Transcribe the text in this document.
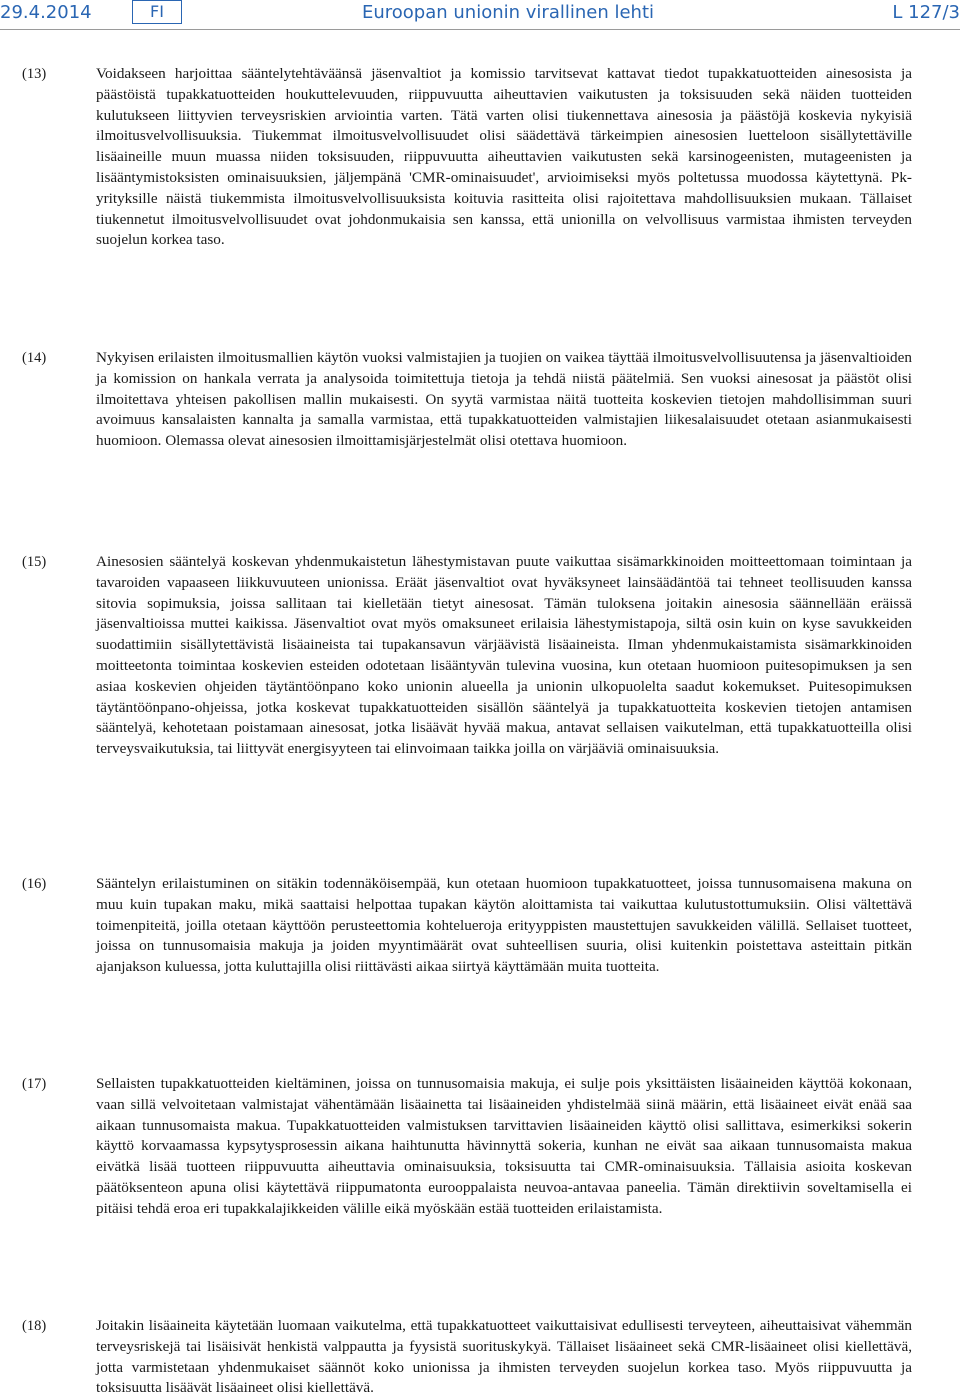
29.4.2014	FI	Euroopan unionin virallinen lehti	L 127/3
(13)	Voidakseen harjoittaa sääntelytehtäväänsä jäsenvaltiot ja komissio tarvitsevat kattavat tiedot tupakkatuotteiden ainesosista ja päästöistä tupakkatuotteiden houkuttelevuuden, riippuvuutta aiheuttavien vaikutusten ja toksisuuden sekä näiden tuotteiden kulutukseen liittyvien terveysriskien arviointia varten. Tätä varten olisi tiukennettava ainesosia ja päästöjä koskevia nykyisiä ilmoitusvelvollisuuksia. Tiukemmat ilmoitusvelvollisuudet olisi säädettävä tärkeimpien ainesosien luetteloon sisällytettäville lisäaineille muun muassa niiden toksisuuden, riippuvuutta aiheuttavien vaikutusten sekä karsinogeenisten, mutageenisten ja lisääntymistoksisten ominaisuuksien, jäljempänä 'CMR-ominaisuudet', arvioimiseksi myös poltetussa muodossa käytettynä. Pk-yrityksille näistä tiukemmista ilmoitusvelvollisuuksista koituvia rasitteita olisi rajoitettava mahdollisuuksien mukaan. Tällaiset tiukennetut ilmoitusvelvollisuudet ovat johdonmukaisia sen kanssa, että unionilla on velvollisuus varmistaa ihmisten terveyden suojelun korkea taso.
(14)	Nykyisen erilaisten ilmoitusmallien käytön vuoksi valmistajien ja tuojien on vaikea täyttää ilmoitusvelvollisuutensa ja jäsenvaltioiden ja komission on hankala verrata ja analysoida toimitettuja tietoja ja tehdä niistä päätelmiä. Sen vuoksi ainesosat ja päästöt olisi ilmoitettava yhteisen pakollisen mallin mukaisesti. On syytä varmistaa näitä tuotteita koskevien tietojen mahdollisimman suuri avoimuus kansalaisten kannalta ja samalla varmistaa, että tupakkatuotteiden valmistajien liikesalaisuudet otetaan asianmukaisesti huomioon. Olemassa olevat ainesosien ilmoittamisjärjestelmät olisi otettava huomioon.
(15)	Ainesosien sääntelyä koskevan yhdenmukaistetun lähestymistavan puute vaikuttaa sisämarkkinoiden moitteettomaan toimintaan ja tavaroiden vapaaseen liikkuvuuteen unionissa. Eräät jäsenvaltiot ovat hyväksyneet lainsäädäntöä tai tehneet teollisuuden kanssa sitovia sopimuksia, joissa sallitaan tai kielletään tietyt ainesosat. Tämän tuloksena joitakin ainesosia säännellään eräissä jäsenvaltioissa muttei kaikissa. Jäsenvaltiot ovat myös omaksuneet erilaisia lähestymistapoja, siltä osin kuin on kyse savukkeiden suodattimiin sisällytettävistä lisäaineista tai tupakansavun värjäävistä lisäaineista. Ilman yhdenmukaistamista sisämarkkinoiden moitteetonta toimintaa koskevien esteiden odotetaan lisääntyvän tulevina vuosina, kun otetaan huomioon puitesopimuksen ja sen asiaa koskevien ohjeiden täytäntöönpano koko unionin alueella ja unionin ulkopuolelta saadut kokemukset. Puitesopimuksen täytäntöönpano-ohjeissa, jotka koskevat tupakkatuotteiden sisällön sääntelyä ja tupakkatuotteita koskevien tietojen antamisen sääntelyä, kehotetaan poistamaan ainesosat, jotka lisäävät hyvää makua, antavat sellaisen vaikutelman, että tupakkatuotteilla olisi terveysvaikutuksia, tai liittyvät energisyyteen tai elinvoimaan taikka joilla on värjääviä ominaisuuksia.
(16)	Sääntelyn erilaistuminen on sitäkin todennäköisempää, kun otetaan huomioon tupakkatuotteet, joissa tunnusomaisena makuna on muu kuin tupakan maku, mikä saattaisi helpottaa tupakan käytön aloittamista tai vaikuttaa kulutustottumuksiin. Olisi vältettävä toimenpiteitä, joilla otetaan käyttöön perusteettomia kohtelueroja erityyppisten maustettujen savukkeiden välillä. Sellaiset tuotteet, joissa on tunnusomaisia makuja ja joiden myyntimäärät ovat suhteellisen suuria, olisi kuitenkin poistettava asteittain pitkän ajanjakson kuluessa, jotta kuluttajilla olisi riittävästi aikaa siirtyä käyttämään muita tuotteita.
(17)	Sellaisten tupakkatuotteiden kieltäminen, joissa on tunnusomaisia makuja, ei sulje pois yksittäisten lisäaineiden käyttöä kokonaan, vaan sillä velvoitetaan valmistajat vähentämään lisäainetta tai lisäaineiden yhdistelmää siinä määrin, että lisäaineet eivät enää saa aikaan tunnusomaista makua. Tupakkatuotteiden valmistuksen tarvittavien lisäaineiden käyttö olisi sallittava, esimerkiksi sokerin käyttö korvaamassa kypsytysprosessin aikana haihtunutta hävinnyttä sokeria, kunhan ne eivät saa aikaan tunnusomaista makua eivätkä lisää tuotteen riippuvuutta aiheuttavia ominaisuuksia, toksisuutta tai CMR-ominaisuuksia. Tällaisia asioita koskevan päätöksenteon apuna olisi käytettävä riippumatonta eurooppalaista neuvoa-antavaa paneelia. Tämän direktiivin soveltamisella ei pitäisi tehdä eroa eri tupakkalajikkeiden välille eikä myöskään estää tuotteiden erilaistamista.
(18)	Joitakin lisäaineita käytetään luomaan vaikutelma, että tupakkatuotteet vaikuttaisivat edullisesti terveyteen, aiheuttaisivat vähemmän terveysriskejä tai lisäisivät henkistä valppautta ja fyysistä suorituskykyä. Tällaiset lisäaineet sekä CMR-lisäaineet olisi kiellettävä, jotta varmistetaan yhdenmukaiset säännöt koko unionissa ja ihmisten terveyden suojelun korkea taso. Myös riippuvuutta ja toksisuutta lisäävät lisäaineet olisi kiellettävä.
